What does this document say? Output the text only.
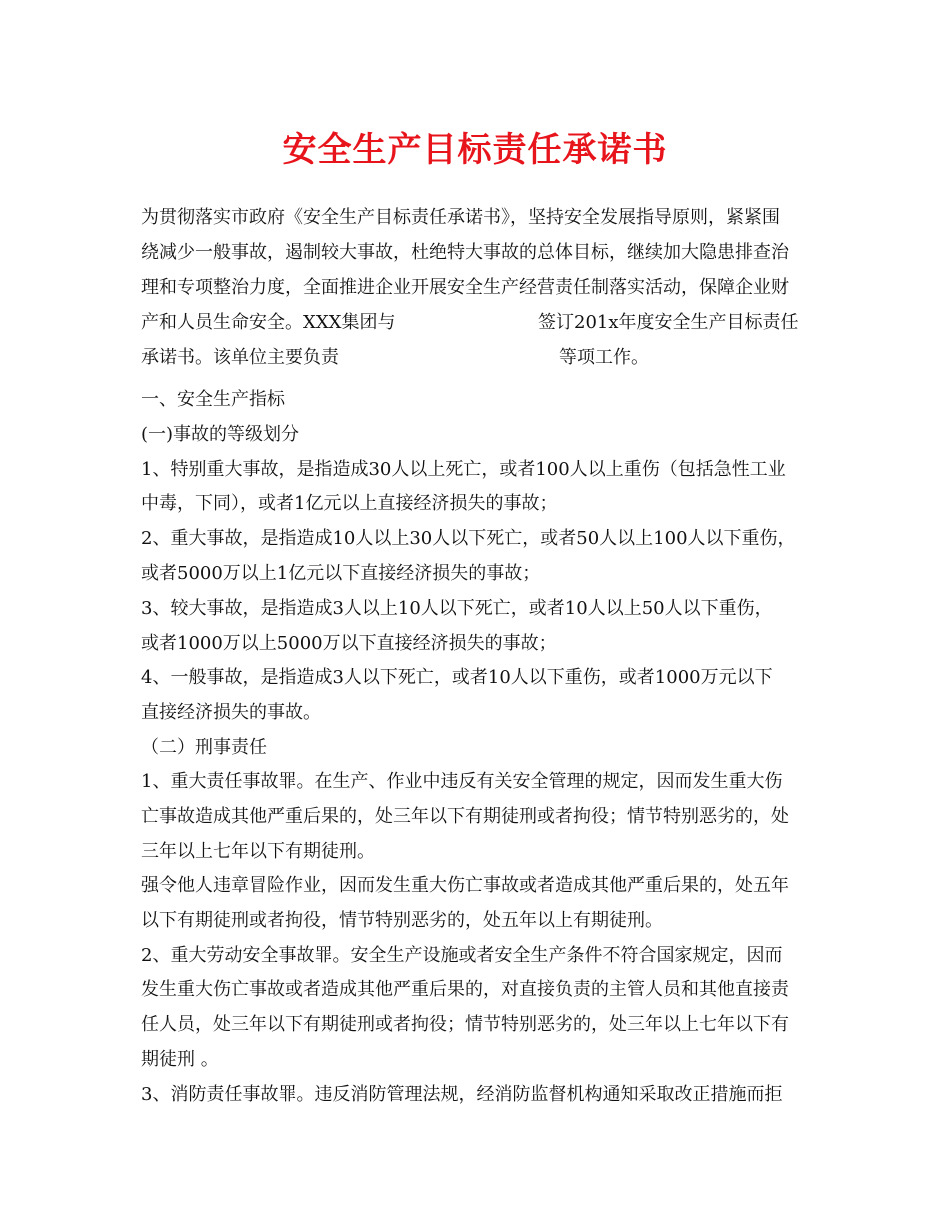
安全生产目标责任承诺书
为贯彻落实市政府《安全生产目标责任承诺书》，坚持安全发展指导原则，紧紧围
绕减少一般事故，遏制较大事故，杜绝特大事故的总体目标，继续加大隐患排查治
理和专项整治力度，全面推进企业开展安全生产经营责任制落实活动，保障企业财
产和人员生命安全。XXX集团与	签订201x年度安全生产目标责任
承诺书。该单位主要负责	等项工作。
一、安全生产指标
(一)事故的等级划分
1、特别重大事故，是指造成30人以上死亡，或者100人以上重伤（包括急性工业
中毒，下同），或者1亿元以上直接经济损失的事故；
2、重大事故，是指造成10人以上30人以下死亡，或者50人以上100人以下重伤，
或者5000万以上1亿元以下直接经济损失的事故；
3、较大事故，是指造成3人以上10人以下死亡，或者10人以上50人以下重伤，
或者1000万以上5000万以下直接经济损失的事故；
4、一般事故，是指造成3人以下死亡，或者10人以下重伤，或者1000万元以下
直接经济损失的事故。
（二）刑事责任
1、重大责任事故罪。在生产、作业中违反有关安全管理的规定，因而发生重大伤
亡事故造成其他严重后果的，处三年以下有期徒刑或者拘役；情节特别恶劣的，处
三年以上七年以下有期徒刑。
强令他人违章冒险作业，因而发生重大伤亡事故或者造成其他严重后果的，处五年
以下有期徒刑或者拘役，情节特别恶劣的，处五年以上有期徒刑。
2、重大劳动安全事故罪。安全生产设施或者安全生产条件不符合国家规定，因而
发生重大伤亡事故或者造成其他严重后果的，对直接负责的主管人员和其他直接责
任人员，处三年以下有期徒刑或者拘役；情节特别恶劣的，处三年以上七年以下有
期徒刑 。
3、消防责任事故罪。违反消防管理法规，经消防监督机构通知采取改正措施而拒
